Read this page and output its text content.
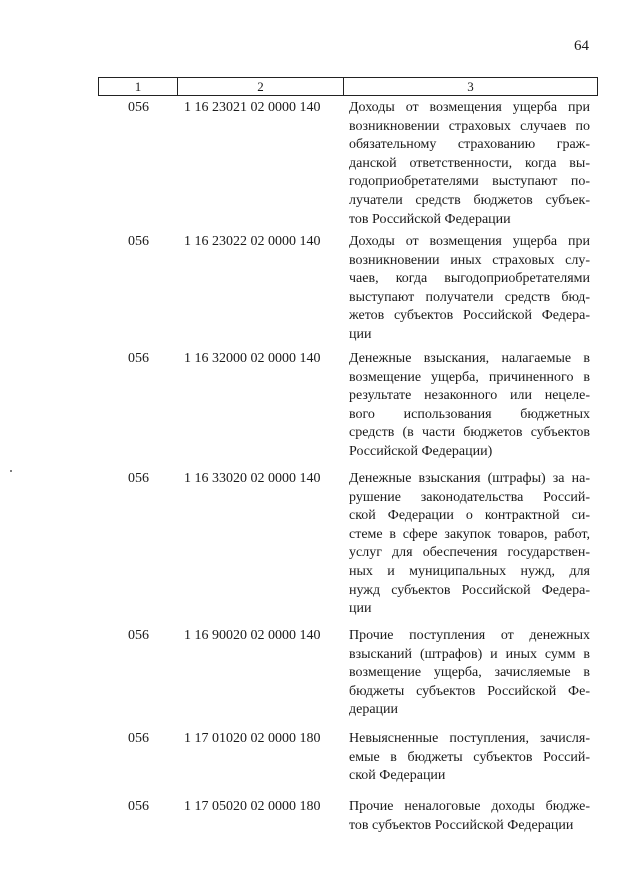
64
1	2	3
056	1 16 23021 02 0000 140 Доходы от возмещения ущерба при
возникновении страховых случаев по
обязательному страхованию граж-
данской ответственности, когда вы-
годоприобретателями выступают по-
лучатели средств бюджетов субъек-
тов Российской Федерации
056	1 16 23022 02 0000 140 Доходы от возмещения ущерба при
возникновении иных страховых слу-
чаев, когда выгодоприобретателями
выступают получатели средств бюд-
жетов субъектов Российской Федера-
ции
056	1 16 32000 02 0000 140 Денежные взыскания, налагаемые в
возмещение ущерба, причиненного в
результате незаконного или нецеле-
вого использования бюджетных
средств (в части бюджетов субъектов
Российской Федерации)
056	1 16 33020 02 0000 140 Денежные взыскания (штрафы) за на-
рушение законодательства Россий-
ской Федерации о контрактной си-
стеме в сфере закупок товаров, работ,
услуг для обеспечения государствен-
ных и муниципальных нужд, для
нужд субъектов Российской Федера-
ции
056	1 16 90020 02 0000 140 Прочие поступления от денежных
взысканий (штрафов) и иных сумм в
возмещение ущерба, зачисляемые в
бюджеты субъектов Российской Фе-
дерации
056	1 17 01020 02 0000 180 Невыясненные поступления, зачисля-
емые в бюджеты субъектов Россий-
ской Федерации
056	1 17 05020 02 0000 180 Прочие неналоговые доходы бюдже-
тов субъектов Российской Федерации
